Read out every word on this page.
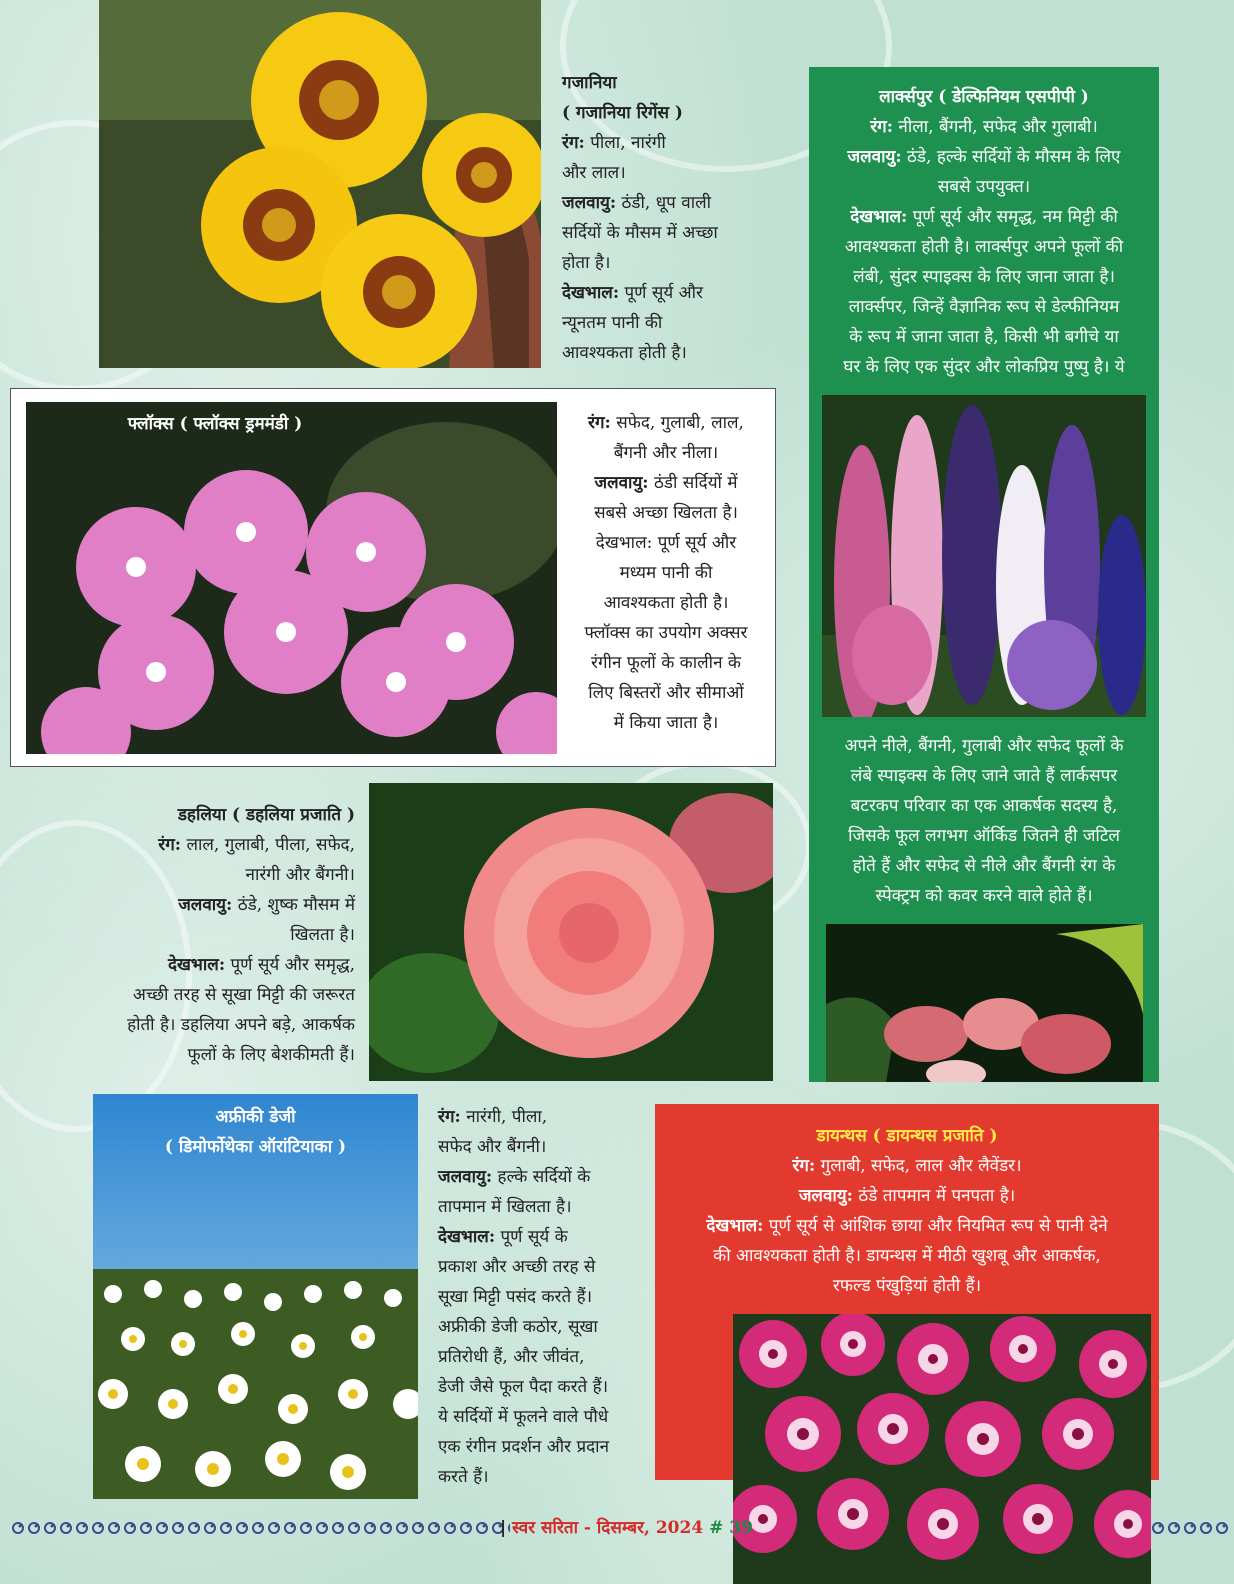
गजानिया
( गजानिया रिगेंस )
रंग: पीला, नारंगी
और लाल।
जलवायु: ठंडी, धूप वाली
सर्दियों के मौसम में अच्छा
होता है।
देखभाल: पूर्ण सूर्य और
न्यूनतम पानी की
आवश्यकता होती है।
लार्क्सपुर ( डेल्फिनियम एसपीपी )
रंग: नीला, बैंगनी, सफेद और गुलाबी।
जलवायु: ठंडे, हल्के सर्दियों के मौसम के लिए
सबसे उपयुक्त।
देखभाल: पूर्ण सूर्य और समृद्ध, नम मिट्टी की
आवश्यकता होती है। लार्क्सपुर अपने फूलों की
लंबी, सुंदर स्पाइक्स के लिए जाना जाता है।
लार्क्सपर, जिन्हें वैज्ञानिक रूप से डेल्फीनियम
के रूप में जाना जाता है, किसी भी बगीचे या
घर के लिए एक सुंदर और लोकप्रिय पुष्पु है। ये
अपने नीले, बैंगनी, गुलाबी और सफेद फूलों के
लंबे स्पाइक्स के लिए जाने जाते हैं लार्कसपर
बटरकप परिवार का एक आकर्षक सदस्य है,
जिसके फूल लगभग ऑर्किड जितने ही जटिल
होते हैं और सफेद से नीले और बैंगनी रंग के
स्पेक्ट्रम को कवर करने वाले होते हैं।
फ्लॉक्स ( फ्लॉक्स ड्रममंडी )	रंग: सफेद, गुलाबी, लाल,
बैंगनी और नीला।
जलवायु: ठंडी सर्दियों में
सबसे अच्छा खिलता है।
देखभाल: पूर्ण सूर्य और
मध्यम पानी की
आवश्यकता होती है।
फ्लॉक्स का उपयोग अक्सर
रंगीन फूलों के कालीन के
लिए बिस्तरों और सीमाओं
में किया जाता है।
डहलिया ( डहलिया प्रजाति )
रंग: लाल, गुलाबी, पीला, सफेद,
नारंगी और बैंगनी।
जलवायु: ठंडे, शुष्क मौसम में
खिलता है।
देखभाल: पूर्ण सूर्य और समृद्ध,
अच्छी तरह से सूखा मिट्टी की जरूरत
होती है। डहलिया अपने बड़े, आकर्षक
फूलों के लिए बेशकीमती हैं।
अफ्रीकी डेजी
( डिमोर्फोथेका ऑरांटियाका )
रंग: नारंगी, पीला,
सफेद और बैंगनी।
जलवायु: हल्के सर्दियों के
तापमान में खिलता है।
देखभाल: पूर्ण सूर्य के
प्रकाश और अच्छी तरह से
सूखा मिट्टी पसंद करते हैं।
अफ्रीकी डेजी कठोर, सूखा
प्रतिरोधी हैं, और जीवंत,
डेजी जैसे फूल पैदा करते हैं।
ये सर्दियों में फूलने वाले पौधे
एक रंगीन प्रदर्शन और प्रदान
करते हैं।
डायन्थस ( डायन्थस प्रजाति )
रंग: गुलाबी, सफेद, लाल और लैवेंडर।
जलवायु: ठंडे तापमान में पनपता है।
देखभाल: पूर्ण सूर्य से आंशिक छाया और नियमित रूप से पानी देने
की आवश्यकता होती है। डायन्थस में मीठी खुशबू और आकर्षक,
रफल्ड पंखुड़ियां होती हैं।
| स्वर सरिता - दिसम्बर, 2024 # 39
